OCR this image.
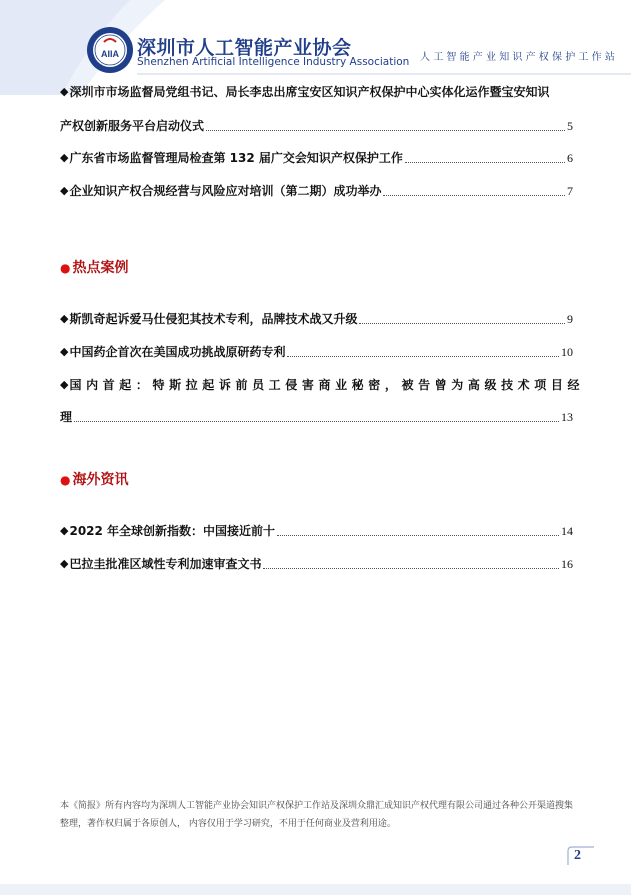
AIIA 深圳市人工智能产业协会
Shenzhen Artificial Intelligence Industry Association 人工智能产业知识产权保护工作站
◆ 深圳市市场监督局党组书记、局长李忠出席宝安区知识产权保护中心实体化运作暨宝安知识
产权创新服务平台启动仪式	5
◆ 广东省市场监督管理局检查第 132 届广交会知识产权保护工作	6
◆ 企业知识产权合规经营与风险应对培训（第二期）成功举办	7
● 热点案例
◆ 斯凯奇起诉爱马仕侵犯其技术专利，品牌技术战又升级	9
◆ 中国药企首次在美国成功挑战原研药专利	10
◆ 国内首起：特斯拉起诉前员工侵害商业秘密，被告曾为高级技术项目经
理	13
● 海外资讯
◆ 2022 年全球创新指数：中国接近前十	14
◆ 巴拉圭批准区域性专利加速审查文书	16
本《简报》所有内容均为深圳人工智能产业协会知识产权保护工作站及深圳众鼎汇成知识产权代理有限公司通过各种公开渠道搜集整理，著作权归属于各原创人， 内容仅用于学习研究，不用于任何商业及营利用途。
2
